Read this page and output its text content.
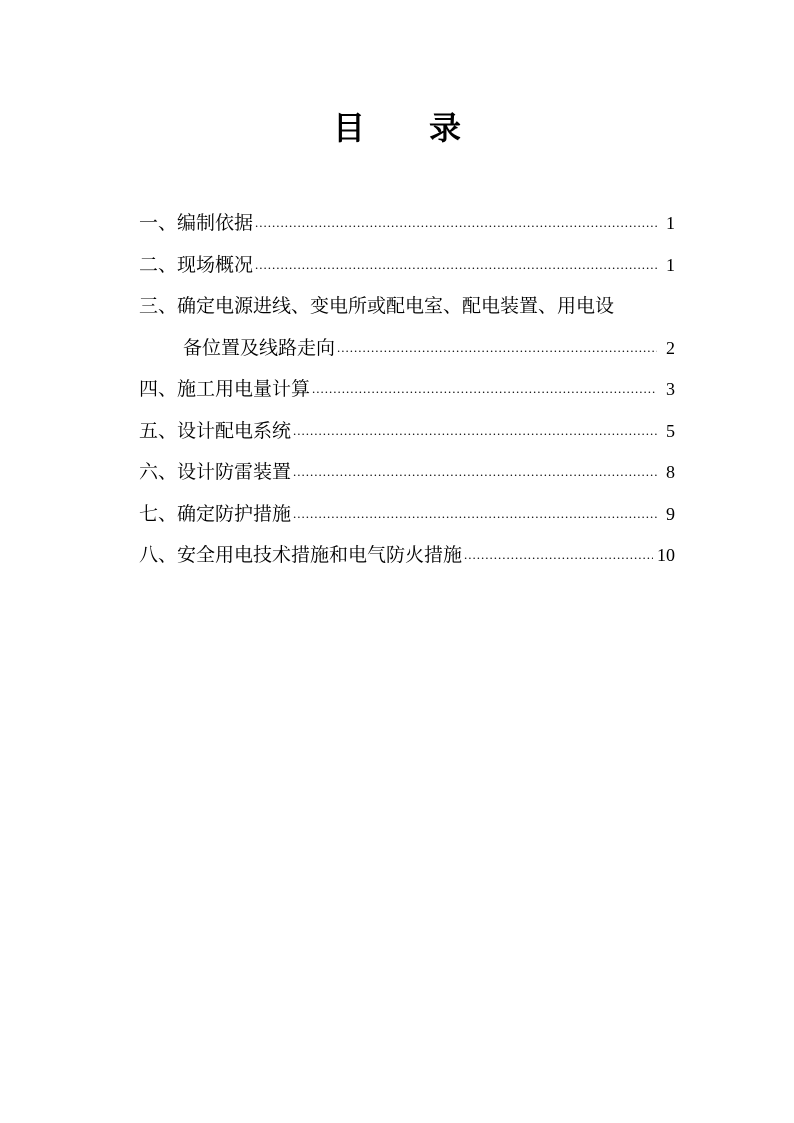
目 录
一、编制依据 .....	1
二、现场概况 .....	1
三、确定电源进线、变电所或配电室、配电装置、用电设
备位置及线路走向 .....	2
四、施工用电量计算 .....	3
五、设计配电系统 .....	5
六、设计防雷装置 .....	8
七、确定防护措施 .....	9
八、安全用电技术措施和电气防火措施 .....	10
